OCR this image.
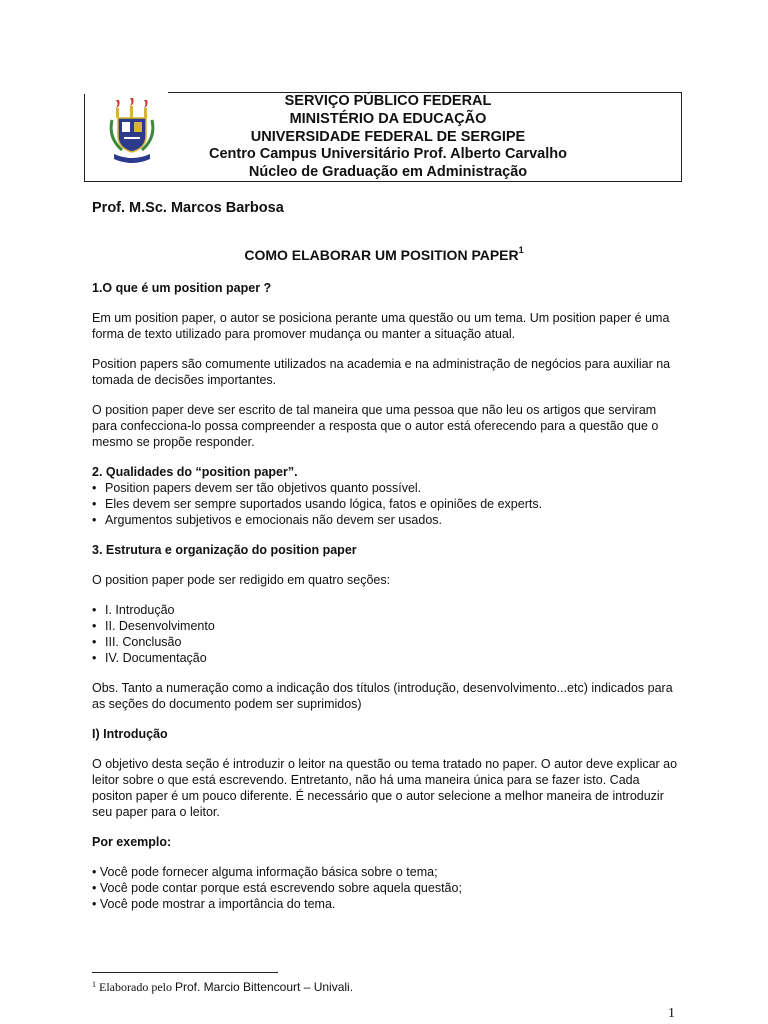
SERVIÇO PÚBLICO FEDERAL
MINISTÉRIO DA EDUCAÇÃO
UNIVERSIDADE FEDERAL DE SERGIPE
Centro Campus Universitário Prof. Alberto Carvalho
Núcleo de Graduação em Administração
Prof. M.Sc. Marcos Barbosa
COMO ELABORAR UM POSITION PAPER$^1$

1.O que é um position paper ?

Em um position paper, o autor se posiciona perante uma questão ou um tema. Um position paper é uma forma de texto utilizado para promover mudança ou manter a situação atual.

Position papers são comumente utilizados na academia e na administração de negócios para auxiliar na tomada de decisões importantes.

O position paper deve ser escrito de tal maneira que uma pessoa que não leu os artigos que serviram para confecciona-lo possa compreender a resposta que o autor está oferecendo para a questão que o mesmo se propõe responder.

2. Qualidades do “position paper”.

• Position papers devem ser tão objetivos quanto possível.
• Eles devem ser sempre suportados usando lógica, fatos e opiniões de experts.
• Argumentos subjetivos e emocionais não devem ser usados.

3. Estrutura e organização do position paper

O position paper pode ser redigido em quatro seções:

• I. Introdução
• II. Desenvolvimento
• III. Conclusão
• IV. Documentação

Obs. Tanto a numeração como a indicação dos títulos (introdução, desenvolvimento...etc) indicados para as seções do documento podem ser suprimidos)

I) Introdução

O objetivo desta seção é introduzir o leitor na questão ou tema tratado no paper. O autor deve explicar ao leitor sobre o que está escrevendo. Entretanto, não há uma maneira única para se fazer isto. Cada positon paper é um pouco diferente. É necessário que o autor selecione a melhor maneira de introduzir seu paper para o leitor.

Por exemplo:

• Você pode fornecer alguma informação básica sobre o tema;
• Você pode contar porque está escrevendo sobre aquela questão;
• Você pode mostrar a importância do tema.
$^1$ Elaborado pelo Prof. Marcio Bittencourt – Univali.
1
